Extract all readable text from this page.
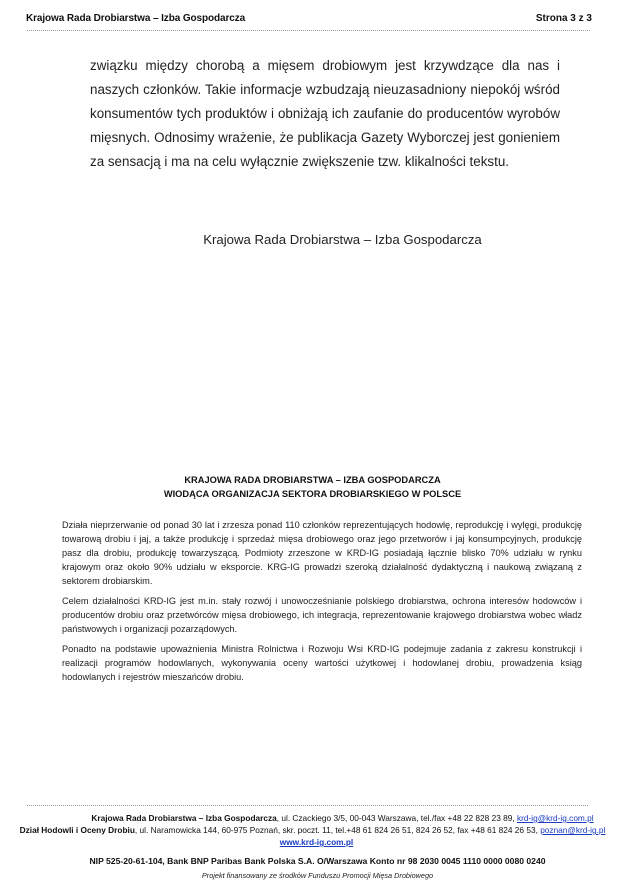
Krajowa Rada Drobiarstwa – Izba Gospodarcza	Strona 3 z 3

związku między chorobą a mięsem drobiowym jest krzywdzące dla nas i naszych członków. Takie informacje wzbudzają nieuzasadniony niepokój wśród konsumentów tych produktów i obniżają ich zaufanie do producentów wyrobów mięsnych. Odnosimy wrażenie, że publikacja Gazety Wyborczej jest gonieniem za sensacją i ma na celu wyłącznie zwiększenie tzw. klikalności tekstu.

Krajowa Rada Drobiarstwa – Izba Gospodarcza
KRAJOWA RADA DROBIARSTWA – IZBA GOSPODARCZA
WIODĄCA ORGANIZACJA SEKTORA DROBIARSKIEGO W POLSCE

Działa nieprzerwanie od ponad 30 lat i zrzesza ponad 110 członków reprezentujących hodowlę, reprodukcję i wylęgi, produkcję towarową drobiu i jaj, a także produkcję i sprzedaż mięsa drobiowego oraz jego przetworów i jaj konsumpcyjnych, produkcję pasz dla drobiu, produkcję towarzyszącą. Podmioty zrzeszone w KRD-IG posiadają łącznie blisko 70% udziału w rynku krajowym oraz około 90% udziału w eksporcie. KRG-IG prowadzi szeroką działalność dydaktyczną i naukową związaną z sektorem drobiarskim.

Celem działalności KRD-IG jest m.in. stały rozwój i unowocześnianie polskiego drobiarstwa, ochrona interesów hodowców i producentów drobiu oraz przetwórców mięsa drobiowego, ich integracja, reprezentowanie krajowego drobiarstwa wobec władz państwowych i organizacji pozarządowych.

Ponadto na podstawie upoważnienia Ministra Rolnictwa i Rozwoju Wsi KRD-IG podejmuje zadania z zakresu konstrukcji i realizacji programów hodowlanych, wykonywania oceny wartości użytkowej i hodowlanej drobiu, prowadzenia ksiąg hodowlanych i rejestrów mieszańców drobiu.

Krajowa Rada Drobiarstwa – Izba Gospodarcza, ul. Czackiego 3/5, 00-043 Warszawa, tel./fax +48 22 828 23 89, krd-ig@krd-ig.com.pl
Dział Hodowli i Oceny Drobiu, ul. Naramowicka 144, 60-975 Poznań, skr. poczt. 11, tel.+48 61 824 26 51, 824 26 52, fax +48 61 824 26 53, poznan@krd-ig.pl
www.krd-ig.com.pl
NIP 525-20-61-104, Bank BNP Paribas Bank Polska S.A. O/Warszawa Konto nr 98 2030 0045 1110 0000 0080 0240
Projekt finansowany ze środków Funduszu Promocji Mięsa Drobiowego
